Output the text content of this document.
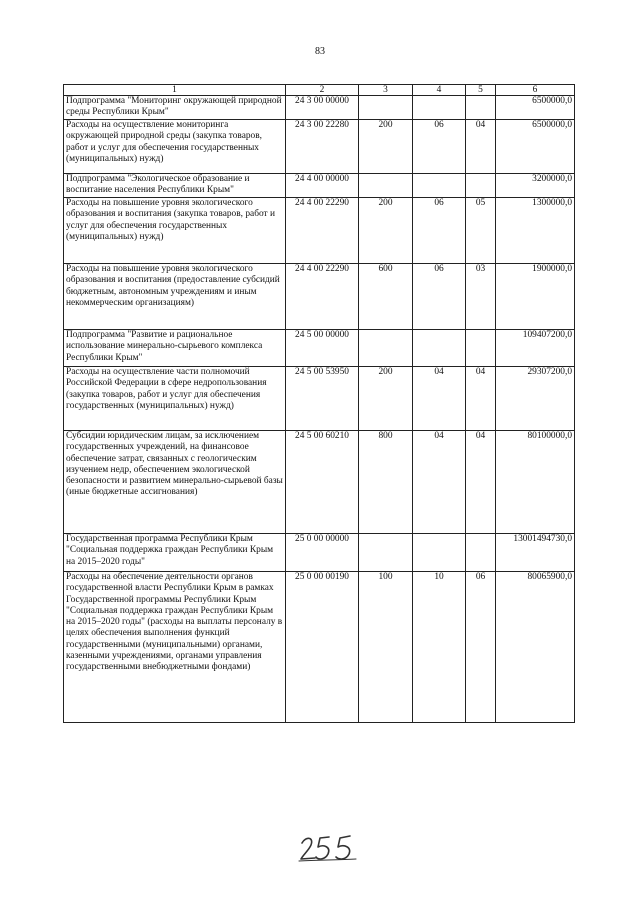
83
1	2	3	4	5	6
Подпрограмма "Мониторинг окружающей природной среды Республики Крым"	24 3 00 00000				6500000,0
Расходы на осуществление мониторинга окружающей природной среды (закупка товаров, работ и услуг для обеспечения государственных (муниципальных) нужд)	24 3 00 22280	200	06	04	6500000,0
Подпрограмма "Экологическое образование и воспитание населения Республики Крым"	24 4 00 00000				3200000,0
Расходы на повышение уровня экологического образования и воспитания (закупка товаров, работ и услуг для обеспечения государственных (муниципальных) нужд)	24 4 00 22290	200	06	05	1300000,0
Расходы на повышение уровня экологического образования и воспитания (предоставление субсидий бюджетным, автономным учреждениям и иным некоммерческим организациям)	24 4 00 22290	600	06	03	1900000,0
Подпрограмма "Развитие и рациональное использование минерально-сырьевого комплекса Республики Крым"	24 5 00 00000				109407200,0
Расходы на осуществление части полномочий Российской Федерации в сфере недропользования (закупка товаров, работ и услуг для обеспечения государственных (муниципальных) нужд)	24 5 00 53950	200	04	04	29307200,0
Субсидии юридическим лицам, за исключением государственных учреждений, на финансовое обеспечение затрат, связанных с геологическим изучением недр, обеспечением экологической безопасности и развитием минерально-сырьевой базы (иные бюджетные ассигнования)	24 5 00 60210	800	04	04	80100000,0
Государственная программа Республики Крым "Социальная поддержка граждан Республики Крым на 2015–2020 годы"	25 0 00 00000				13001494730,0
Расходы на обеспечение деятельности органов государственной власти Республики Крым в рамках Государственной программы Республики Крым "Социальная поддержка граждан Республики Крым на 2015–2020 годы" (расходы на выплаты персоналу в целях обеспечения выполнения функций государственными (муниципальными) органами, казенными учреждениями, органами управления государственными внебюджетными фондами)	25 0 00 00190	100	10	06	80065900,0
